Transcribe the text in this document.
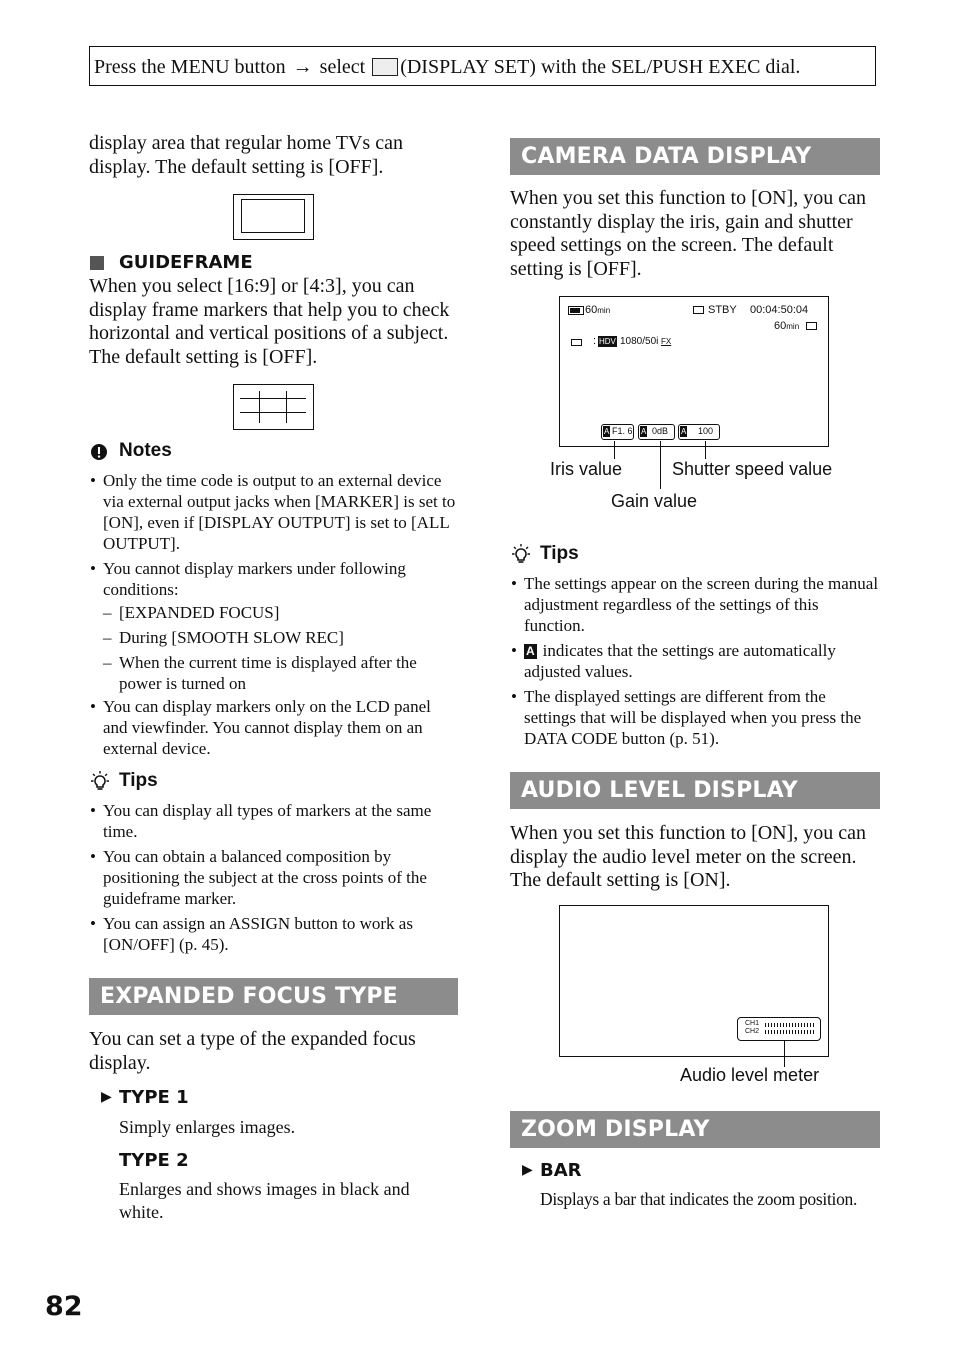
Press the MENU button → select (DISPLAY SET) with the SEL/PUSH EXEC dial.
display area that regular home TVs can display. The default setting is [OFF].
GUIDEFRAME
When you select [16:9] or [4:3], you can display frame markers that help you to check horizontal and vertical positions of a subject. The default setting is [OFF].
Notes
• Only the time code is output to an external device via external output jacks when [MARKER] is set to [ON], even if [DISPLAY OUTPUT] is set to [ALL OUTPUT].
• You cannot display markers under following conditions:
– [EXPANDED FOCUS]
– During [SMOOTH SLOW REC]
– When the current time is displayed after the power is turned on
• You can display markers only on the LCD panel and viewfinder. You cannot display them on an external device.
Tips
• You can display all types of markers at the same time.
• You can obtain a balanced composition by positioning the subject at the cross points of the guideframe marker.
• You can assign an ASSIGN button to work as [ON/OFF] (p. 45).
EXPANDED FOCUS TYPE
You can set a type of the expanded focus display.
▶ TYPE 1
Simply enlarges images.
TYPE 2
Enlarges and shows images in black and white.
82
CAMERA DATA DISPLAY
When you set this function to [ON], you can constantly display the iris, gain and shutter speed settings on the screen. The default setting is [OFF].
60min	STBY 00:04:50:04
60min
: HDV 1080/50i FX
A F1. 6 A 0dB A 100
Iris value	Shutter speed value
Gain value
Tips
• The settings appear on the screen during the manual adjustment regardless of the settings of this function.
• A indicates that the settings are automatically adjusted values.
• The displayed settings are different from the settings that will be displayed when you press the DATA CODE button (p. 51).
AUDIO LEVEL DISPLAY
When you set this function to [ON], you can display the audio level meter on the screen. The default setting is [ON].
CH1
CH2
Audio level meter
ZOOM DISPLAY
▶ BAR
Displays a bar that indicates the zoom position.
